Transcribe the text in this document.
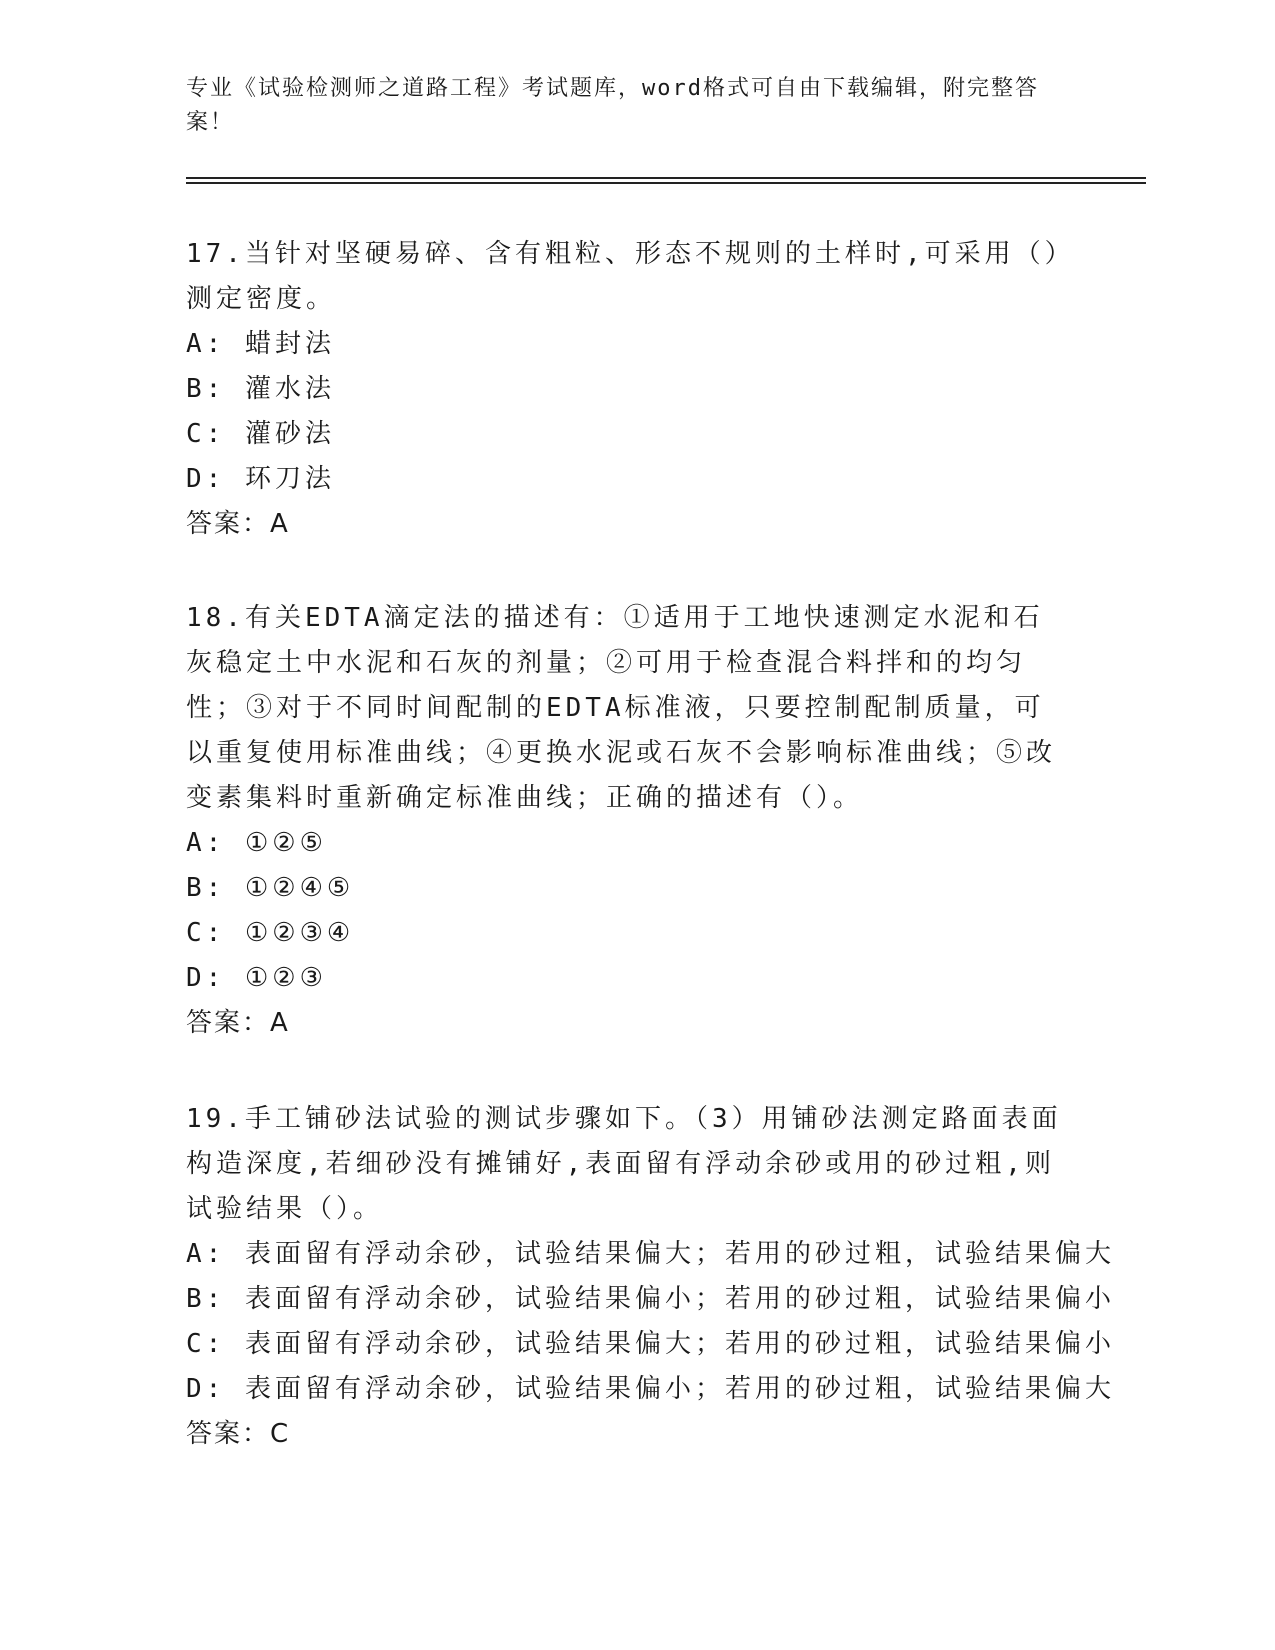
专业《试验检测师之道路工程》考试题库，word格式可自由下载编辑，附完整答案！

17.当针对坚硬易碎、含有粗粒、形态不规则的土样时,可采用（）测定密度。

A: 蜡封法
B: 灌水法
C: 灌砂法
D: 环刀法
答案：A

18.有关EDTA滴定法的描述有：①适用于工地快速测定水泥和石灰稳定土中水泥和石灰的剂量；②可用于检查混合料拌和的均匀性；③对于不同时间配制的EDTA标准液，只要控制配制质量，可以重复使用标准曲线；④更换水泥或石灰不会影响标准曲线；⑤改变素集料时重新确定标准曲线；正确的描述有（）。

A: ①②⑤
B: ①②④⑤
C: ①②③④
D: ①②③
答案：A

19.手工铺砂法试验的测试步骤如下。（3）用铺砂法测定路面表面构造深度,若细砂没有摊铺好,表面留有浮动余砂或用的砂过粗,则试验结果（）。

A: 表面留有浮动余砂，试验结果偏大；若用的砂过粗，试验结果偏大
B: 表面留有浮动余砂，试验结果偏小；若用的砂过粗，试验结果偏小
C: 表面留有浮动余砂，试验结果偏大；若用的砂过粗，试验结果偏小
D: 表面留有浮动余砂，试验结果偏小；若用的砂过粗，试验结果偏大
答案：C
